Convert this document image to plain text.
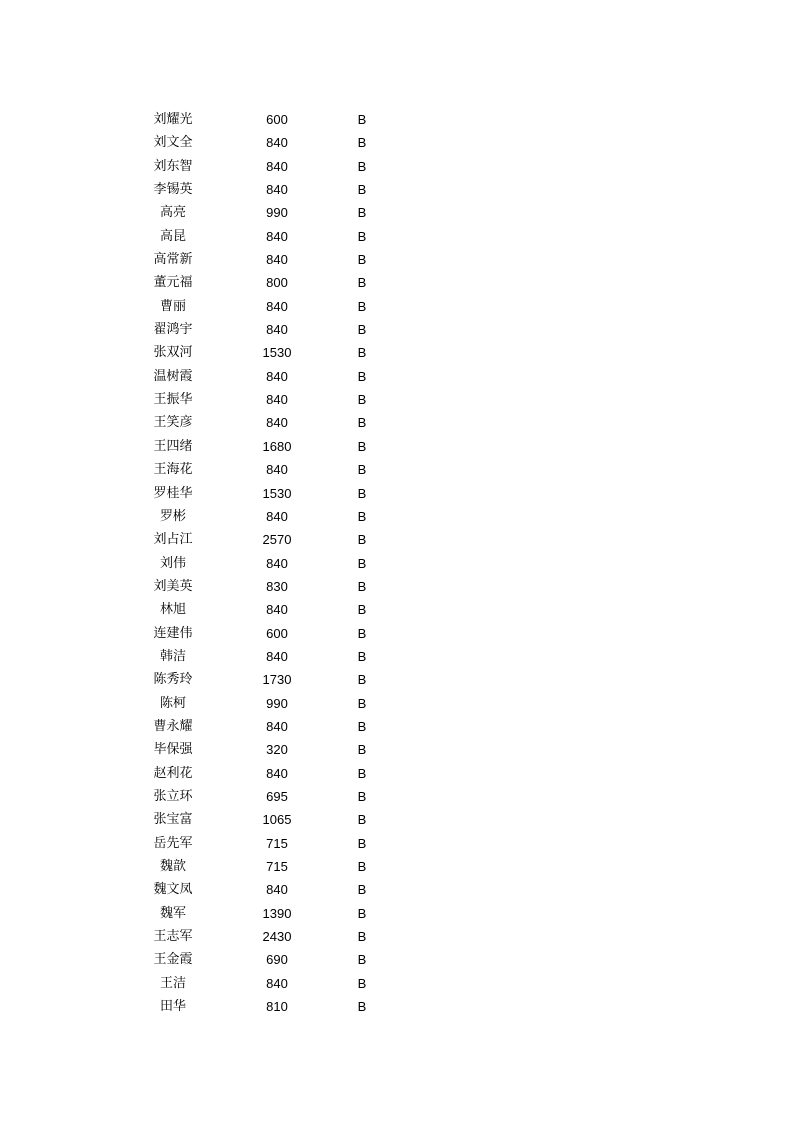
刘耀光	600	B
刘文全	840	B
刘东智	840	B
李锡英	840	B
高亮	990	B
高昆	840	B
高常新	840	B
董元福	800	B
曹丽	840	B
翟鸿宇	840	B
张双河	1530	B
温树霞	840	B
王振华	840	B
王笑彦	840	B
王四绪	1680	B
王海花	840	B
罗桂华	1530	B
罗彬	840	B
刘占江	2570	B
刘伟	840	B
刘美英	830	B
林旭	840	B
连建伟	600	B
韩洁	840	B
陈秀玲	1730	B
陈柯	990	B
曹永耀	840	B
毕保强	320	B
赵利花	840	B
张立环	695	B
张宝富	1065	B
岳先军	715	B
魏歆	715	B
魏文凤	840	B
魏军	1390	B
王志军	2430	B
王金霞	690	B
王洁	840	B
田华	810	B
